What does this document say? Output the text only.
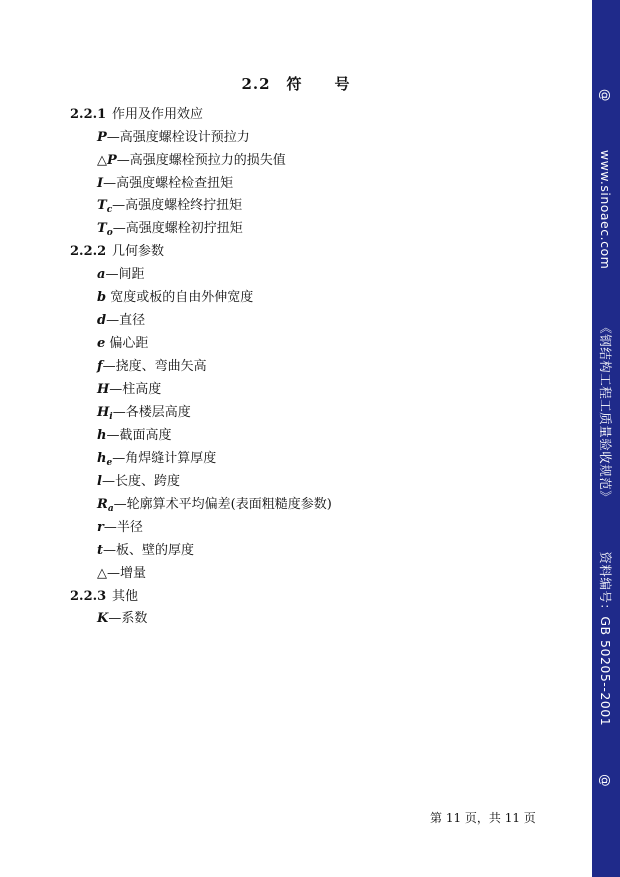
2.2　符　　号
2.2.1 作用及作用效应
P—高强度螺栓设计预拉力
△P—高强度螺栓预拉力的损失值
I—高强度螺栓检查扭矩
$T_c—$高强度螺栓终拧扭矩
$T_o—$高强度螺栓初拧扭矩
2.2.2 几何参数
a—间距
b 宽度或板的自由外伸宽度
d—直径
e 偏心距
f—挠度、弯曲矢高
H—柱高度
$H_i—$各楼层高度
h—截面高度
$h_e—$角焊缝计算厚度
l—长度、跨度
$R_a—$轮廓算术平均偏差(表面粗糙度参数)
r—半径
t—板、壁的厚度
△—增量
2.2.3 其他
K—系数
第 11 页，共 11 页
@www.sinoaec.com《钢结构工程工质量验收规范》资料编号：GB 50205--2001@
